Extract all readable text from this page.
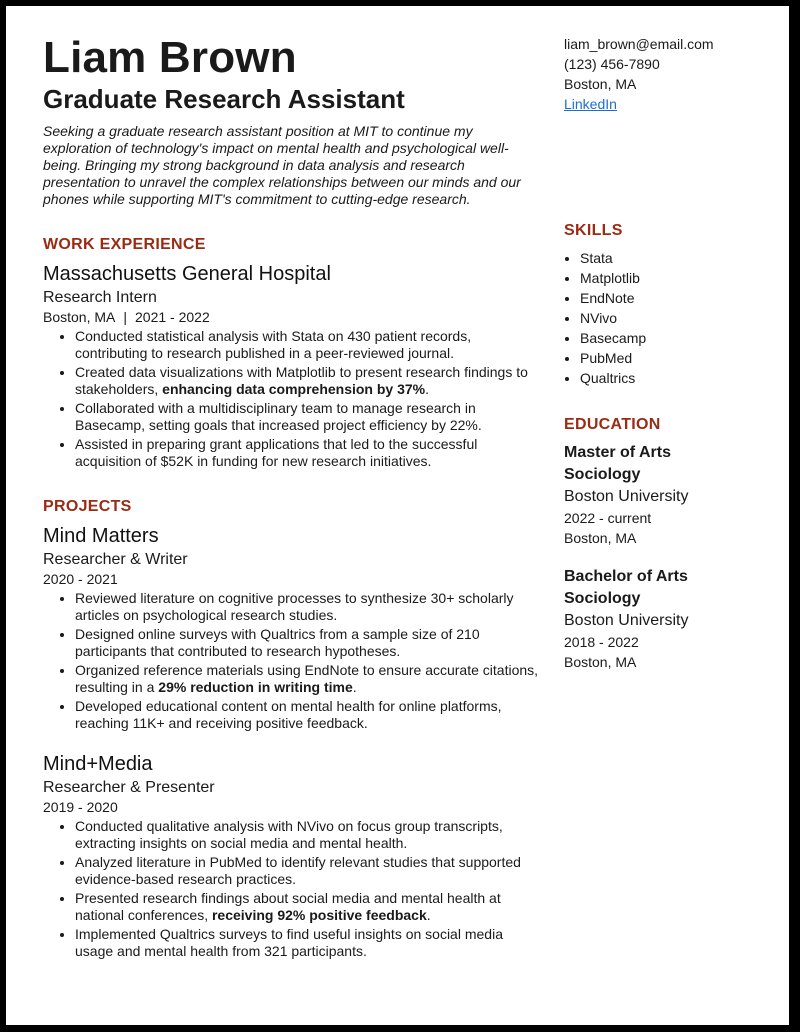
Liam Brown
Graduate Research Assistant
Seeking a graduate research assistant position at MIT to continue my exploration of technology's impact on mental health and psychological well-being. Bringing my strong background in data analysis and research presentation to unravel the complex relationships between our minds and our phones while supporting MIT's commitment to cutting-edge research.
WORK EXPERIENCE
Massachusetts General Hospital
Research Intern
Boston, MA | 2021 - 2022
• Conducted statistical analysis with Stata on 430 patient records, contributing to research published in a peer-reviewed journal.
• Created data visualizations with Matplotlib to present research findings to stakeholders, enhancing data comprehension by 37%.
• Collaborated with a multidisciplinary team to manage research in Basecamp, setting goals that increased project efficiency by 22%.
• Assisted in preparing grant applications that led to the successful acquisition of $52K in funding for new research initiatives.
PROJECTS
Mind Matters
Researcher & Writer
2020 - 2021
• Reviewed literature on cognitive processes to synthesize 30+ scholarly articles on psychological research studies.
• Designed online surveys with Qualtrics from a sample size of 210 participants that contributed to research hypotheses.
• Organized reference materials using EndNote to ensure accurate citations, resulting in a 29% reduction in writing time.
• Developed educational content on mental health for online platforms, reaching 11K+ and receiving positive feedback.
Mind+Media
Researcher & Presenter
2019 - 2020
• Conducted qualitative analysis with NVivo on focus group transcripts, extracting insights on social media and mental health.
• Analyzed literature in PubMed to identify relevant studies that supported evidence-based research practices.
• Presented research findings about social media and mental health at national conferences, receiving 92% positive feedback.
• Implemented Qualtrics surveys to find useful insights on social media usage and mental health from 321 participants.
liam_brown@email.com
(123) 456-7890
Boston, MA
LinkedIn
SKILLS
• Stata
• Matplotlib
• EndNote
• NVivo
• Basecamp
• PubMed
• Qualtrics
EDUCATION
Master of Arts
Sociology
Boston University
2022 - current
Boston, MA
Bachelor of Arts
Sociology
Boston University
2018 - 2022
Boston, MA
